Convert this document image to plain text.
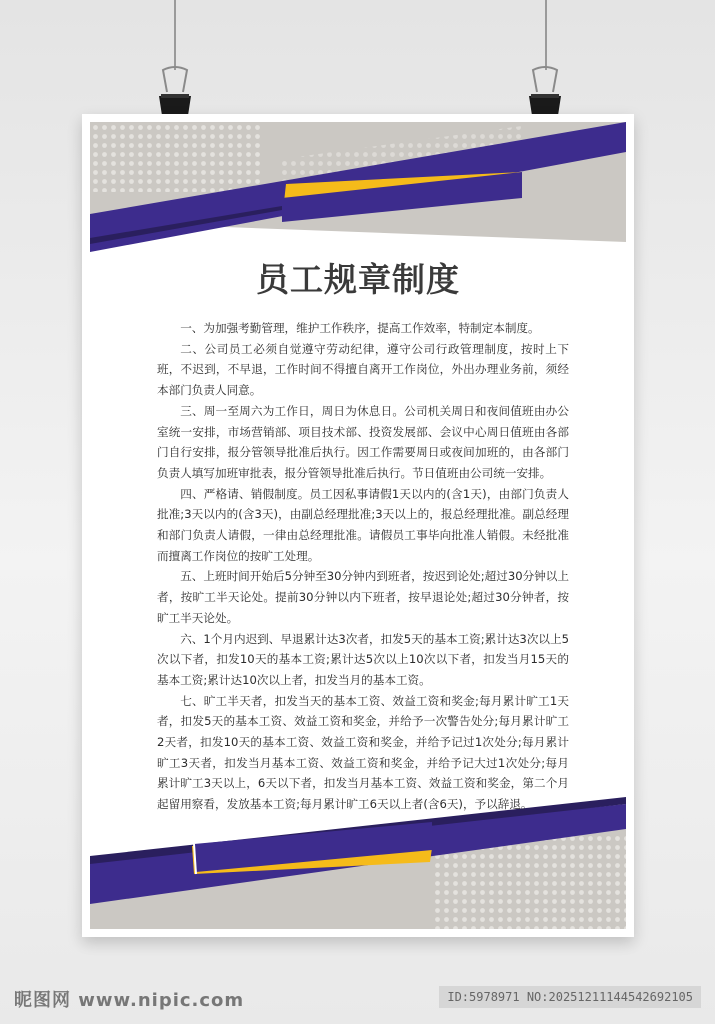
员工规章制度

一、为加强考勤管理，维护工作秩序，提高工作效率，特制定本制度。

二、公司员工必须自觉遵守劳动纪律，遵守公司行政管理制度，按时上下班，不迟到，不早退，工作时间不得擅自离开工作岗位，外出办理业务前，须经本部门负责人同意。

三、周一至周六为工作日，周日为休息日。公司机关周日和夜间值班由办公室统一安排，市场营销部、项目技术部、投资发展部、会议中心周日值班由各部门自行安排，报分管领导批准后执行。因工作需要周日或夜间加班的，由各部门负责人填写加班审批表，报分管领导批准后执行。节日值班由公司统一安排。

四、严格请、销假制度。员工因私事请假1天以内的(含1天)，由部门负责人批准;3天以内的(含3天)，由副总经理批准;3天以上的，报总经理批准。副总经理和部门负责人请假，一律由总经理批准。请假员工事毕向批准人销假。未经批准而擅离工作岗位的按旷工处理。

五、上班时间开始后5分钟至30分钟内到班者，按迟到论处;超过30分钟以上者，按旷工半天论处。提前30分钟以内下班者，按早退论处;超过30分钟者，按旷工半天论处。

六、1个月内迟到、早退累计达3次者，扣发5天的基本工资;累计达3次以上5次以下者，扣发10天的基本工资;累计达5次以上10次以下者，扣发当月15天的基本工资;累计达10次以上者，扣发当月的基本工资。

七、旷工半天者，扣发当天的基本工资、效益工资和奖金;每月累计旷工1天者，扣发5天的基本工资、效益工资和奖金，并给予一次警告处分;每月累计旷工2天者，扣发10天的基本工资、效益工资和奖金，并给予记过1次处分;每月累计旷工3天者，扣发当月基本工资、效益工资和奖金，并给予记大过1次处分;每月累计旷工3天以上，6天以下者，扣发当月基本工资、效益工资和奖金，第二个月起留用察看，发放基本工资;每月累计旷工6天以上者(含6天)，予以辞退。

昵图网 www.nipic.com	ID:5978971 NO:20251211144542692105
